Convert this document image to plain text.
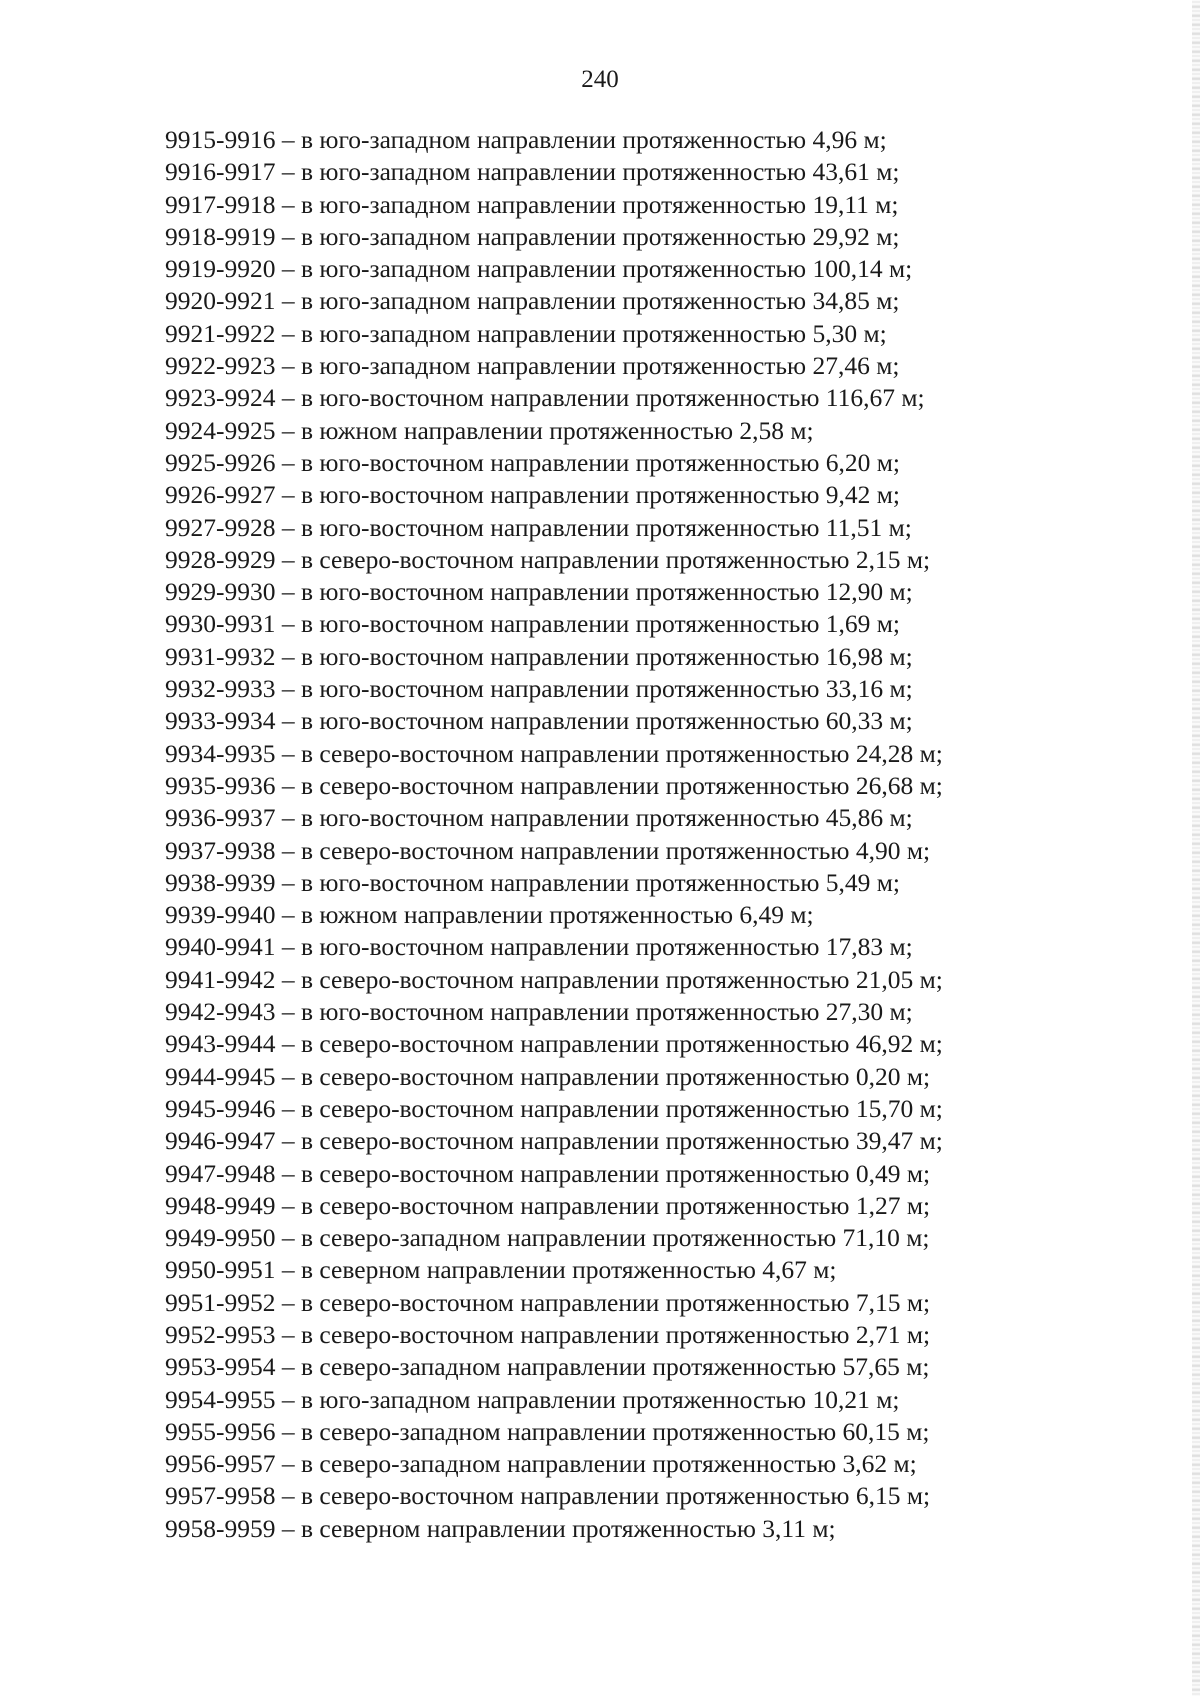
240
9915-9916 – в юго-западном направлении протяженностью 4,96 м;
9916-9917 – в юго-западном направлении протяженностью 43,61 м;
9917-9918 – в юго-западном направлении протяженностью 19,11 м;
9918-9919 – в юго-западном направлении протяженностью 29,92 м;
9919-9920 – в юго-западном направлении протяженностью 100,14 м;
9920-9921 – в юго-западном направлении протяженностью 34,85 м;
9921-9922 – в юго-западном направлении протяженностью 5,30 м;
9922-9923 – в юго-западном направлении протяженностью 27,46 м;
9923-9924 – в юго-восточном направлении протяженностью 116,67 м;
9924-9925 – в южном направлении протяженностью 2,58 м;
9925-9926 – в юго-восточном направлении протяженностью 6,20 м;
9926-9927 – в юго-восточном направлении протяженностью 9,42 м;
9927-9928 – в юго-восточном направлении протяженностью 11,51 м;
9928-9929 – в северо-восточном направлении протяженностью 2,15 м;
9929-9930 – в юго-восточном направлении протяженностью 12,90 м;
9930-9931 – в юго-восточном направлении протяженностью 1,69 м;
9931-9932 – в юго-восточном направлении протяженностью 16,98 м;
9932-9933 – в юго-восточном направлении протяженностью 33,16 м;
9933-9934 – в юго-восточном направлении протяженностью 60,33 м;
9934-9935 – в северо-восточном направлении протяженностью 24,28 м;
9935-9936 – в северо-восточном направлении протяженностью 26,68 м;
9936-9937 – в юго-восточном направлении протяженностью 45,86 м;
9937-9938 – в северо-восточном направлении протяженностью 4,90 м;
9938-9939 – в юго-восточном направлении протяженностью 5,49 м;
9939-9940 – в южном направлении протяженностью 6,49 м;
9940-9941 – в юго-восточном направлении протяженностью 17,83 м;
9941-9942 – в северо-восточном направлении протяженностью 21,05 м;
9942-9943 – в юго-восточном направлении протяженностью 27,30 м;
9943-9944 – в северо-восточном направлении протяженностью 46,92 м;
9944-9945 – в северо-восточном направлении протяженностью 0,20 м;
9945-9946 – в северо-восточном направлении протяженностью 15,70 м;
9946-9947 – в северо-восточном направлении протяженностью 39,47 м;
9947-9948 – в северо-восточном направлении протяженностью 0,49 м;
9948-9949 – в северо-восточном направлении протяженностью 1,27 м;
9949-9950 – в северо-западном направлении протяженностью 71,10 м;
9950-9951 – в северном направлении протяженностью 4,67 м;
9951-9952 – в северо-восточном направлении протяженностью 7,15 м;
9952-9953 – в северо-восточном направлении протяженностью 2,71 м;
9953-9954 – в северо-западном направлении протяженностью 57,65 м;
9954-9955 – в юго-западном направлении протяженностью 10,21 м;
9955-9956 – в северо-западном направлении протяженностью 60,15 м;
9956-9957 – в северо-западном направлении протяженностью 3,62 м;
9957-9958 – в северо-восточном направлении протяженностью 6,15 м;
9958-9959 – в северном направлении протяженностью 3,11 м;
